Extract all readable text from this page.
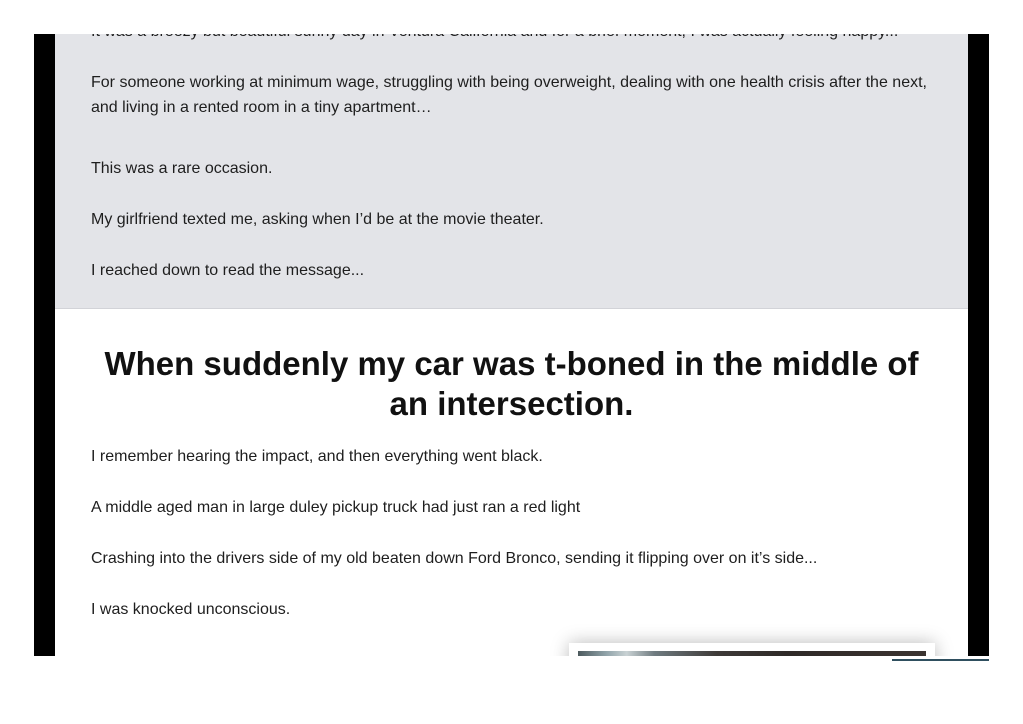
For someone working at minimum wage, struggling with being overweight, dealing with one health crisis after the next, and living in a rented room in a tiny apartment…

This was a rare occasion.

My girlfriend texted me, asking when I’d be at the movie theater.

I reached down to read the message...

When suddenly my car was t-boned in the middle of an intersection.

I remember hearing the impact, and then everything went black.

A middle aged man in large duley pickup truck had just ran a red light

Crashing into the drivers side of my old beaten down Ford Bronco, sending it flipping over on it’s side...

I was knocked unconscious.
